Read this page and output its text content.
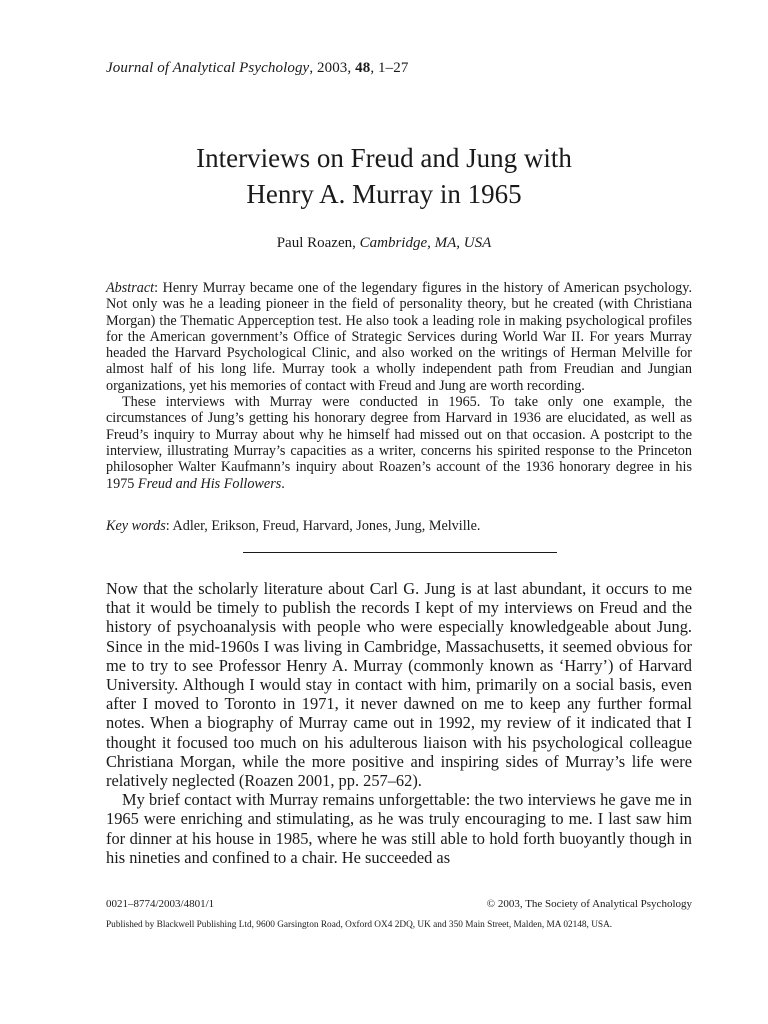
Journal of Analytical Psychology, 2003, 48, 1–27
Interviews on Freud and Jung with
Henry A. Murray in 1965
Paul Roazen, Cambridge, MA, USA

Abstract: Henry Murray became one of the legendary figures in the history of American psychology. Not only was he a leading pioneer in the field of personality theory, but he created (with Christiana Morgan) the Thematic Apperception test. He also took a leading role in making psychological profiles for the American government’s Office of Strategic Services during World War II. For years Murray headed the Harvard Psychological Clinic, and also worked on the writings of Herman Melville for almost half of his long life. Murray took a wholly independent path from Freudian and Jungian organizations, yet his memories of contact with Freud and Jung are worth recording.

These interviews with Murray were conducted in 1965. To take only one example, the circumstances of Jung’s getting his honorary degree from Harvard in 1936 are elucidated, as well as Freud’s inquiry to Murray about why he himself had missed out on that occasion. A postcript to the interview, illustrating Murray’s capacities as a writer, concerns his spirited response to the Princeton philosopher Walter Kaufmann’s inquiry about Roazen’s account of the 1936 honorary degree in his 1975 Freud and His Followers.

Key words: Adler, Erikson, Freud, Harvard, Jones, Jung, Melville.

Now that the scholarly literature about Carl G. Jung is at last abundant, it occurs to me that it would be timely to publish the records I kept of my interviews on Freud and the history of psychoanalysis with people who were especially knowledgeable about Jung. Since in the mid-1960s I was living in Cambridge, Massachusetts, it seemed obvious for me to try to see Professor Henry A. Murray (commonly known as ‘Harry’) of Harvard University. Although I would stay in contact with him, primarily on a social basis, even after I moved to Toronto in 1971, it never dawned on me to keep any further formal notes. When a biography of Murray came out in 1992, my review of it indicated that I thought it focused too much on his adulterous liaison with his psychological colleague Christiana Morgan, while the more positive and inspiring sides of Murray’s life were relatively neglected (Roazen 2001, pp. 257–62).

My brief contact with Murray remains unforgettable: the two interviews he gave me in 1965 were enriching and stimulating, as he was truly encouraging to me. I last saw him for dinner at his house in 1985, where he was still able to hold forth buoyantly though in his nineties and confined to a chair. He succeeded as

0021–8774/2003/4801/1	© 2003, The Society of Analytical Psychology
Published by Blackwell Publishing Ltd, 9600 Garsington Road, Oxford OX4 2DQ, UK and 350 Main Street, Malden, MA 02148, USA.
